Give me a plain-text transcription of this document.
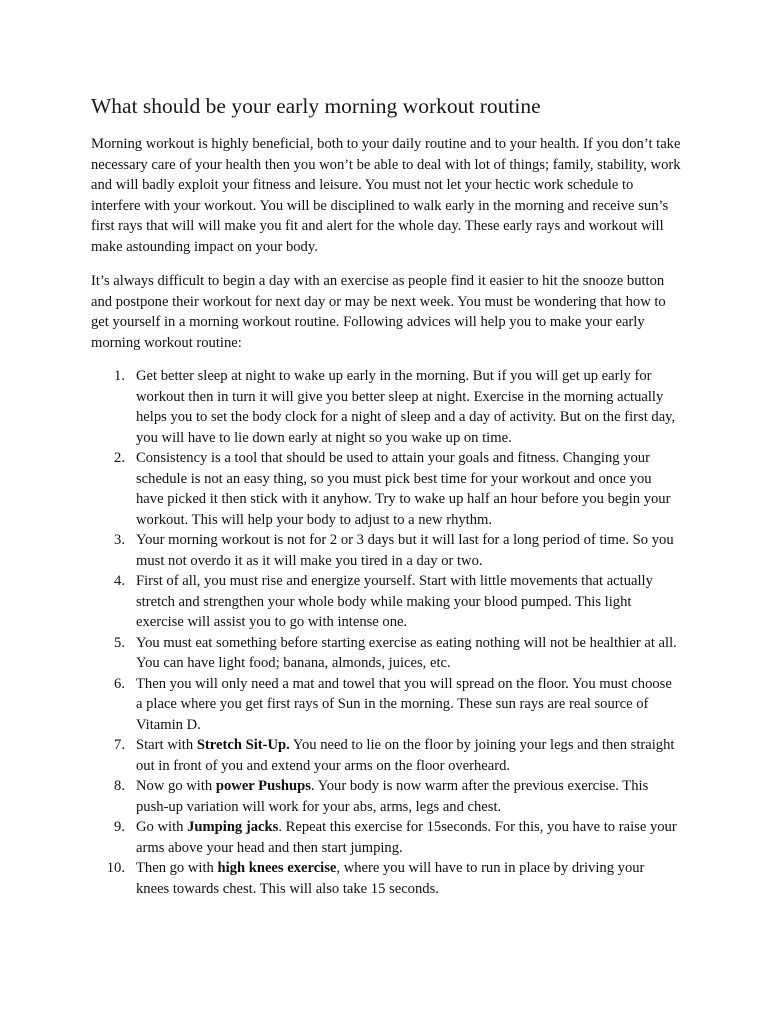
What should be your early morning workout routine

Morning workout is highly beneficial, both to your daily routine and to your health. If you don’t take necessary care of your health then you won’t be able to deal with lot of things; family, stability, work and will badly exploit your fitness and leisure. You must not let your hectic work schedule to interfere with your workout. You will be disciplined to walk early in the morning and receive sun’s first rays that will will make you fit and alert for the whole day. These early rays and workout will make astounding impact on your body.

It’s always difficult to begin a day with an exercise as people find it easier to hit the snooze button and postpone their workout for next day or may be next week. You must be wondering that how to get yourself in a morning workout routine. Following advices will help you to make your early morning workout routine:

1. Get better sleep at night to wake up early in the morning. But if you will get up early for workout then in turn it will give you better sleep at night. Exercise in the morning actually helps you to set the body clock for a night of sleep and a day of activity. But on the first day, you will have to lie down early at night so you wake up on time.
2. Consistency is a tool that should be used to attain your goals and fitness. Changing your schedule is not an easy thing, so you must pick best time for your workout and once you have picked it then stick with it anyhow. Try to wake up half an hour before you begin your workout. This will help your body to adjust to a new rhythm.
3. Your morning workout is not for 2 or 3 days but it will last for a long period of time. So you must not overdo it as it will make you tired in a day or two.
4. First of all, you must rise and energize yourself. Start with little movements that actually stretch and strengthen your whole body while making your blood pumped. This light exercise will assist you to go with intense one.
5. You must eat something before starting exercise as eating nothing will not be healthier at all. You can have light food; banana, almonds, juices, etc.
6. Then you will only need a mat and towel that you will spread on the floor. You must choose a place where you get first rays of Sun in the morning. These sun rays are real source of Vitamin D.
7. Start with Stretch Sit-Up. You need to lie on the floor by joining your legs and then straight out in front of you and extend your arms on the floor overheard.
8. Now go with power Pushups. Your body is now warm after the previous exercise. This push-up variation will work for your abs, arms, legs and chest.
9. Go with Jumping jacks. Repeat this exercise for 15seconds. For this, you have to raise your arms above your head and then start jumping.
10. Then go with high knees exercise, where you will have to run in place by driving your knees towards chest. This will also take 15 seconds.
